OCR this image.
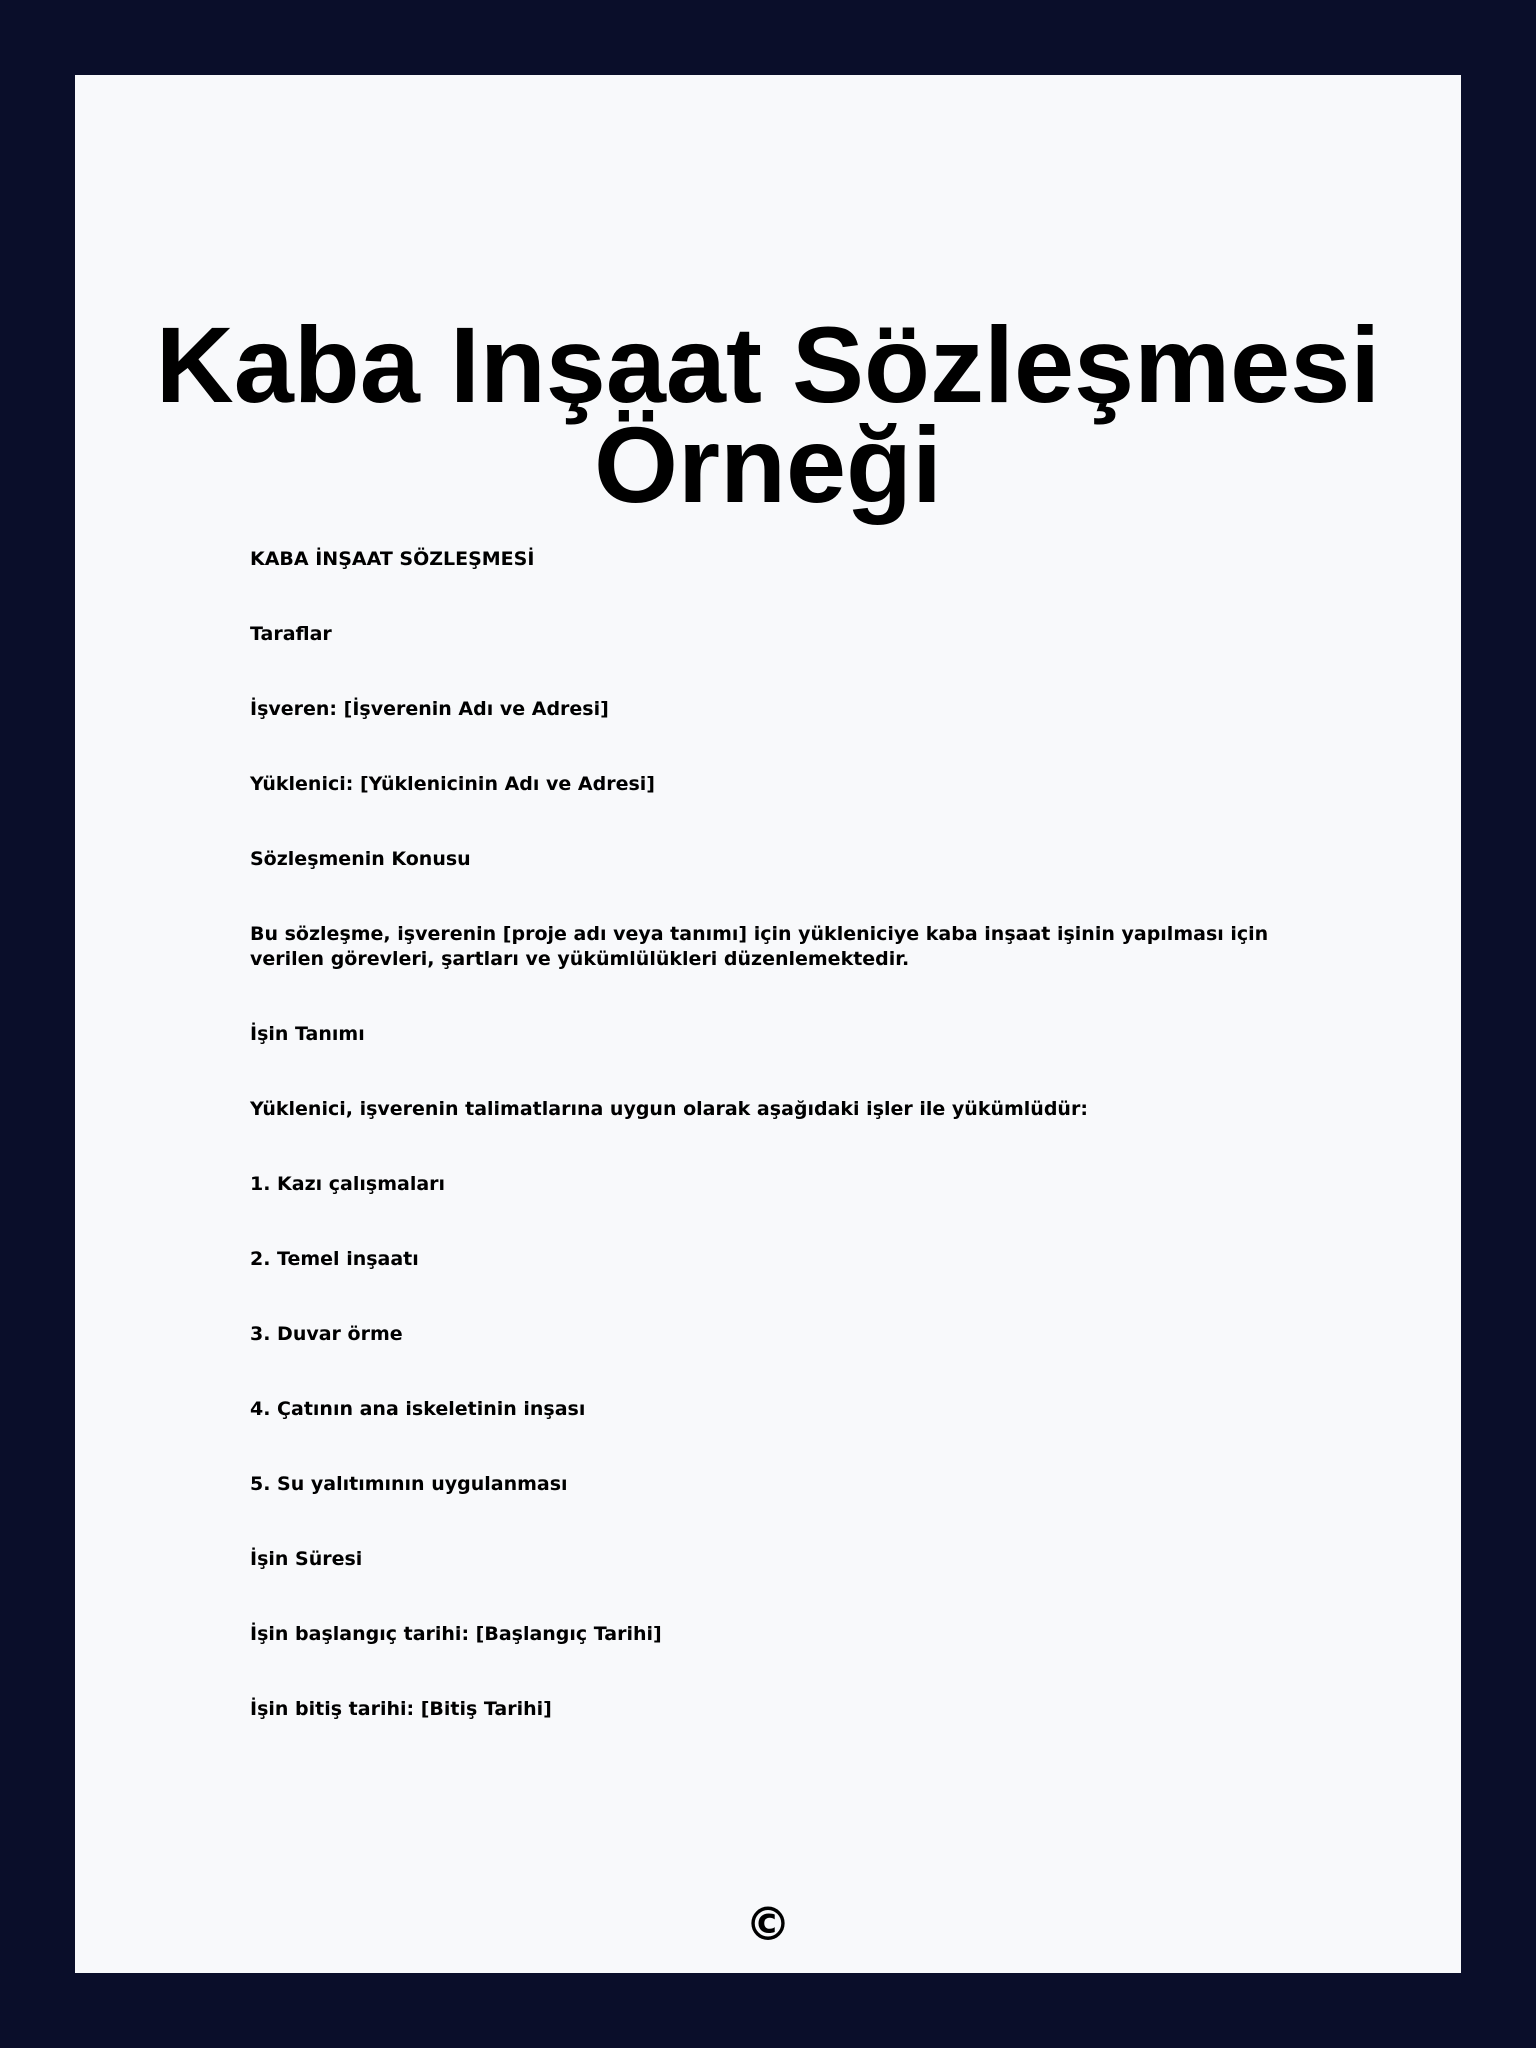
Kaba Inşaat Sözleşmesi Örneği

KABA İNŞAAT SÖZLEŞMESİ

Taraflar

İşveren: [İşverenin Adı ve Adresi]

Yüklenici: [Yüklenicinin Adı ve Adresi]

Sözleşmenin Konusu

Bu sözleşme, işverenin [proje adı veya tanımı] için yükleniciye kaba inşaat işinin yapılması için verilen görevleri, şartları ve yükümlülükleri düzenlemektedir.

İşin Tanımı

Yüklenici, işverenin talimatlarına uygun olarak aşağıdaki işler ile yükümlüdür:

1. Kazı çalışmaları

2. Temel inşaatı

3. Duvar örme

4. Çatının ana iskeletinin inşası

5. Su yalıtımının uygulanması

İşin Süresi

İşin başlangıç tarihi: [Başlangıç Tarihi]

İşin bitiş tarihi: [Bitiş Tarihi]

©
